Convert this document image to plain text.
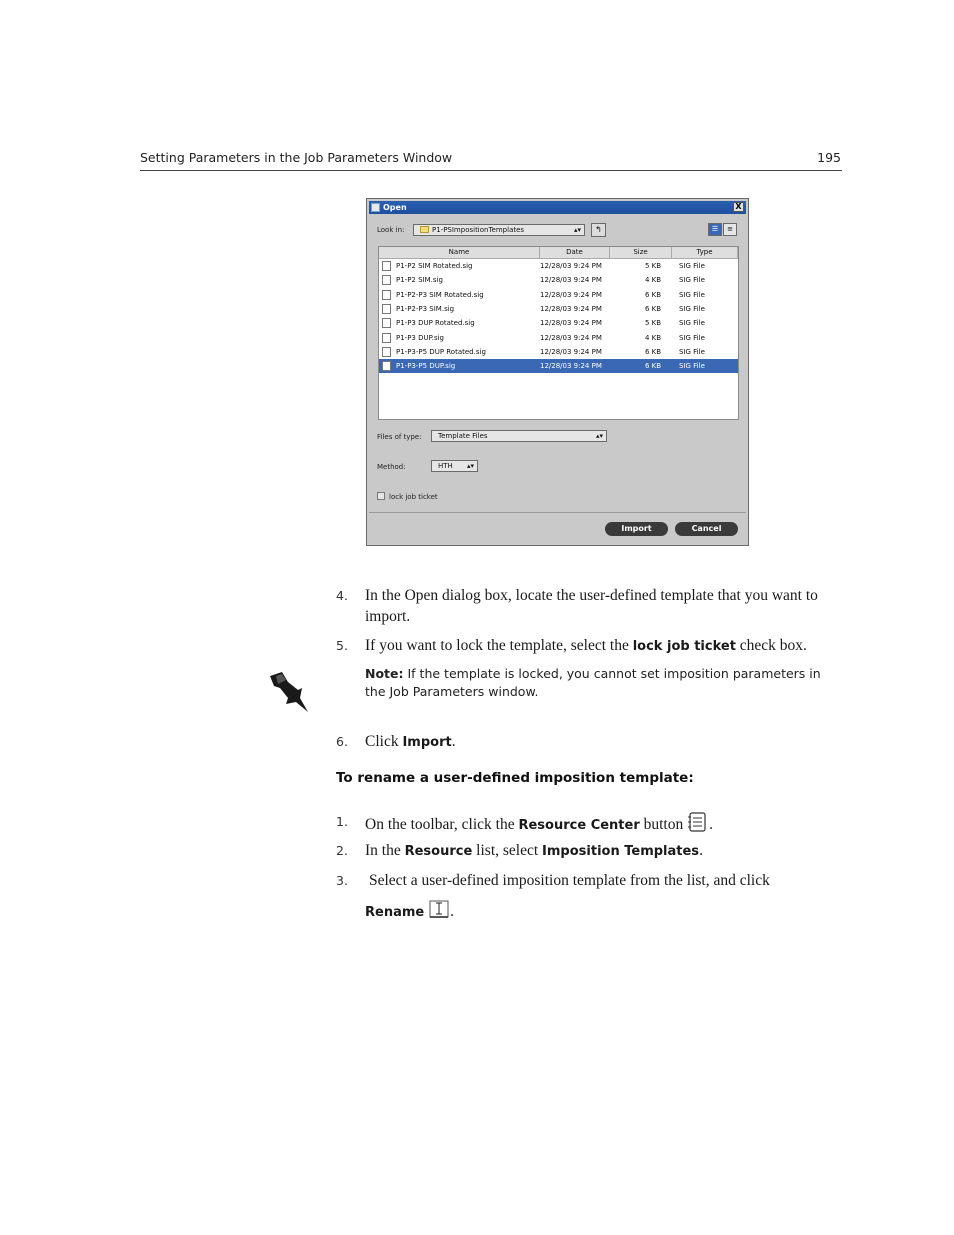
Setting Parameters in the Job Parameters Window	195
Open	X
Look in:	P1-PSImpositionTemplates	▴▾	↰	☰	≡
Name	Date	Size	Type
P1-P2 SIM Rotated.sig	12/28/03 9:24 PM	5 KB	SIG File
P1-P2 SIM.sig	12/28/03 9:24 PM	4 KB	SIG File
P1-P2-P3 SIM Rotated.sig	12/28/03 9:24 PM	6 KB	SIG File
P1-P2-P3 SIM.sig	12/28/03 9:24 PM	6 KB	SIG File
P1-P3 DUP Rotated.sig	12/28/03 9:24 PM	5 KB	SIG File
P1-P3 DUP.sig	12/28/03 9:24 PM	4 KB	SIG File
P1-P3-P5 DUP Rotated.sig	12/28/03 9:24 PM	6 KB	SIG File
P1-P3-P5 DUP.sig	12/28/03 9:24 PM	6 KB	SIG File
Files of type:	Template Files	▴▾
Method:	HTH ▴▾
lock job ticket
Import	Cancel
4. In the Open dialog box, locate the user-defined template that you want to import.
5. If you want to lock the template, select the lock job ticket check box.
Note: If the template is locked, you cannot set imposition parameters in the Job Parameters window.
6. Click Import.
To rename a user-defined imposition template:
1. On the toolbar, click the Resource Center button .
2. In the Resource list, select Imposition Templates.
3. Select a user-defined imposition template from the list, and click
Rename .
